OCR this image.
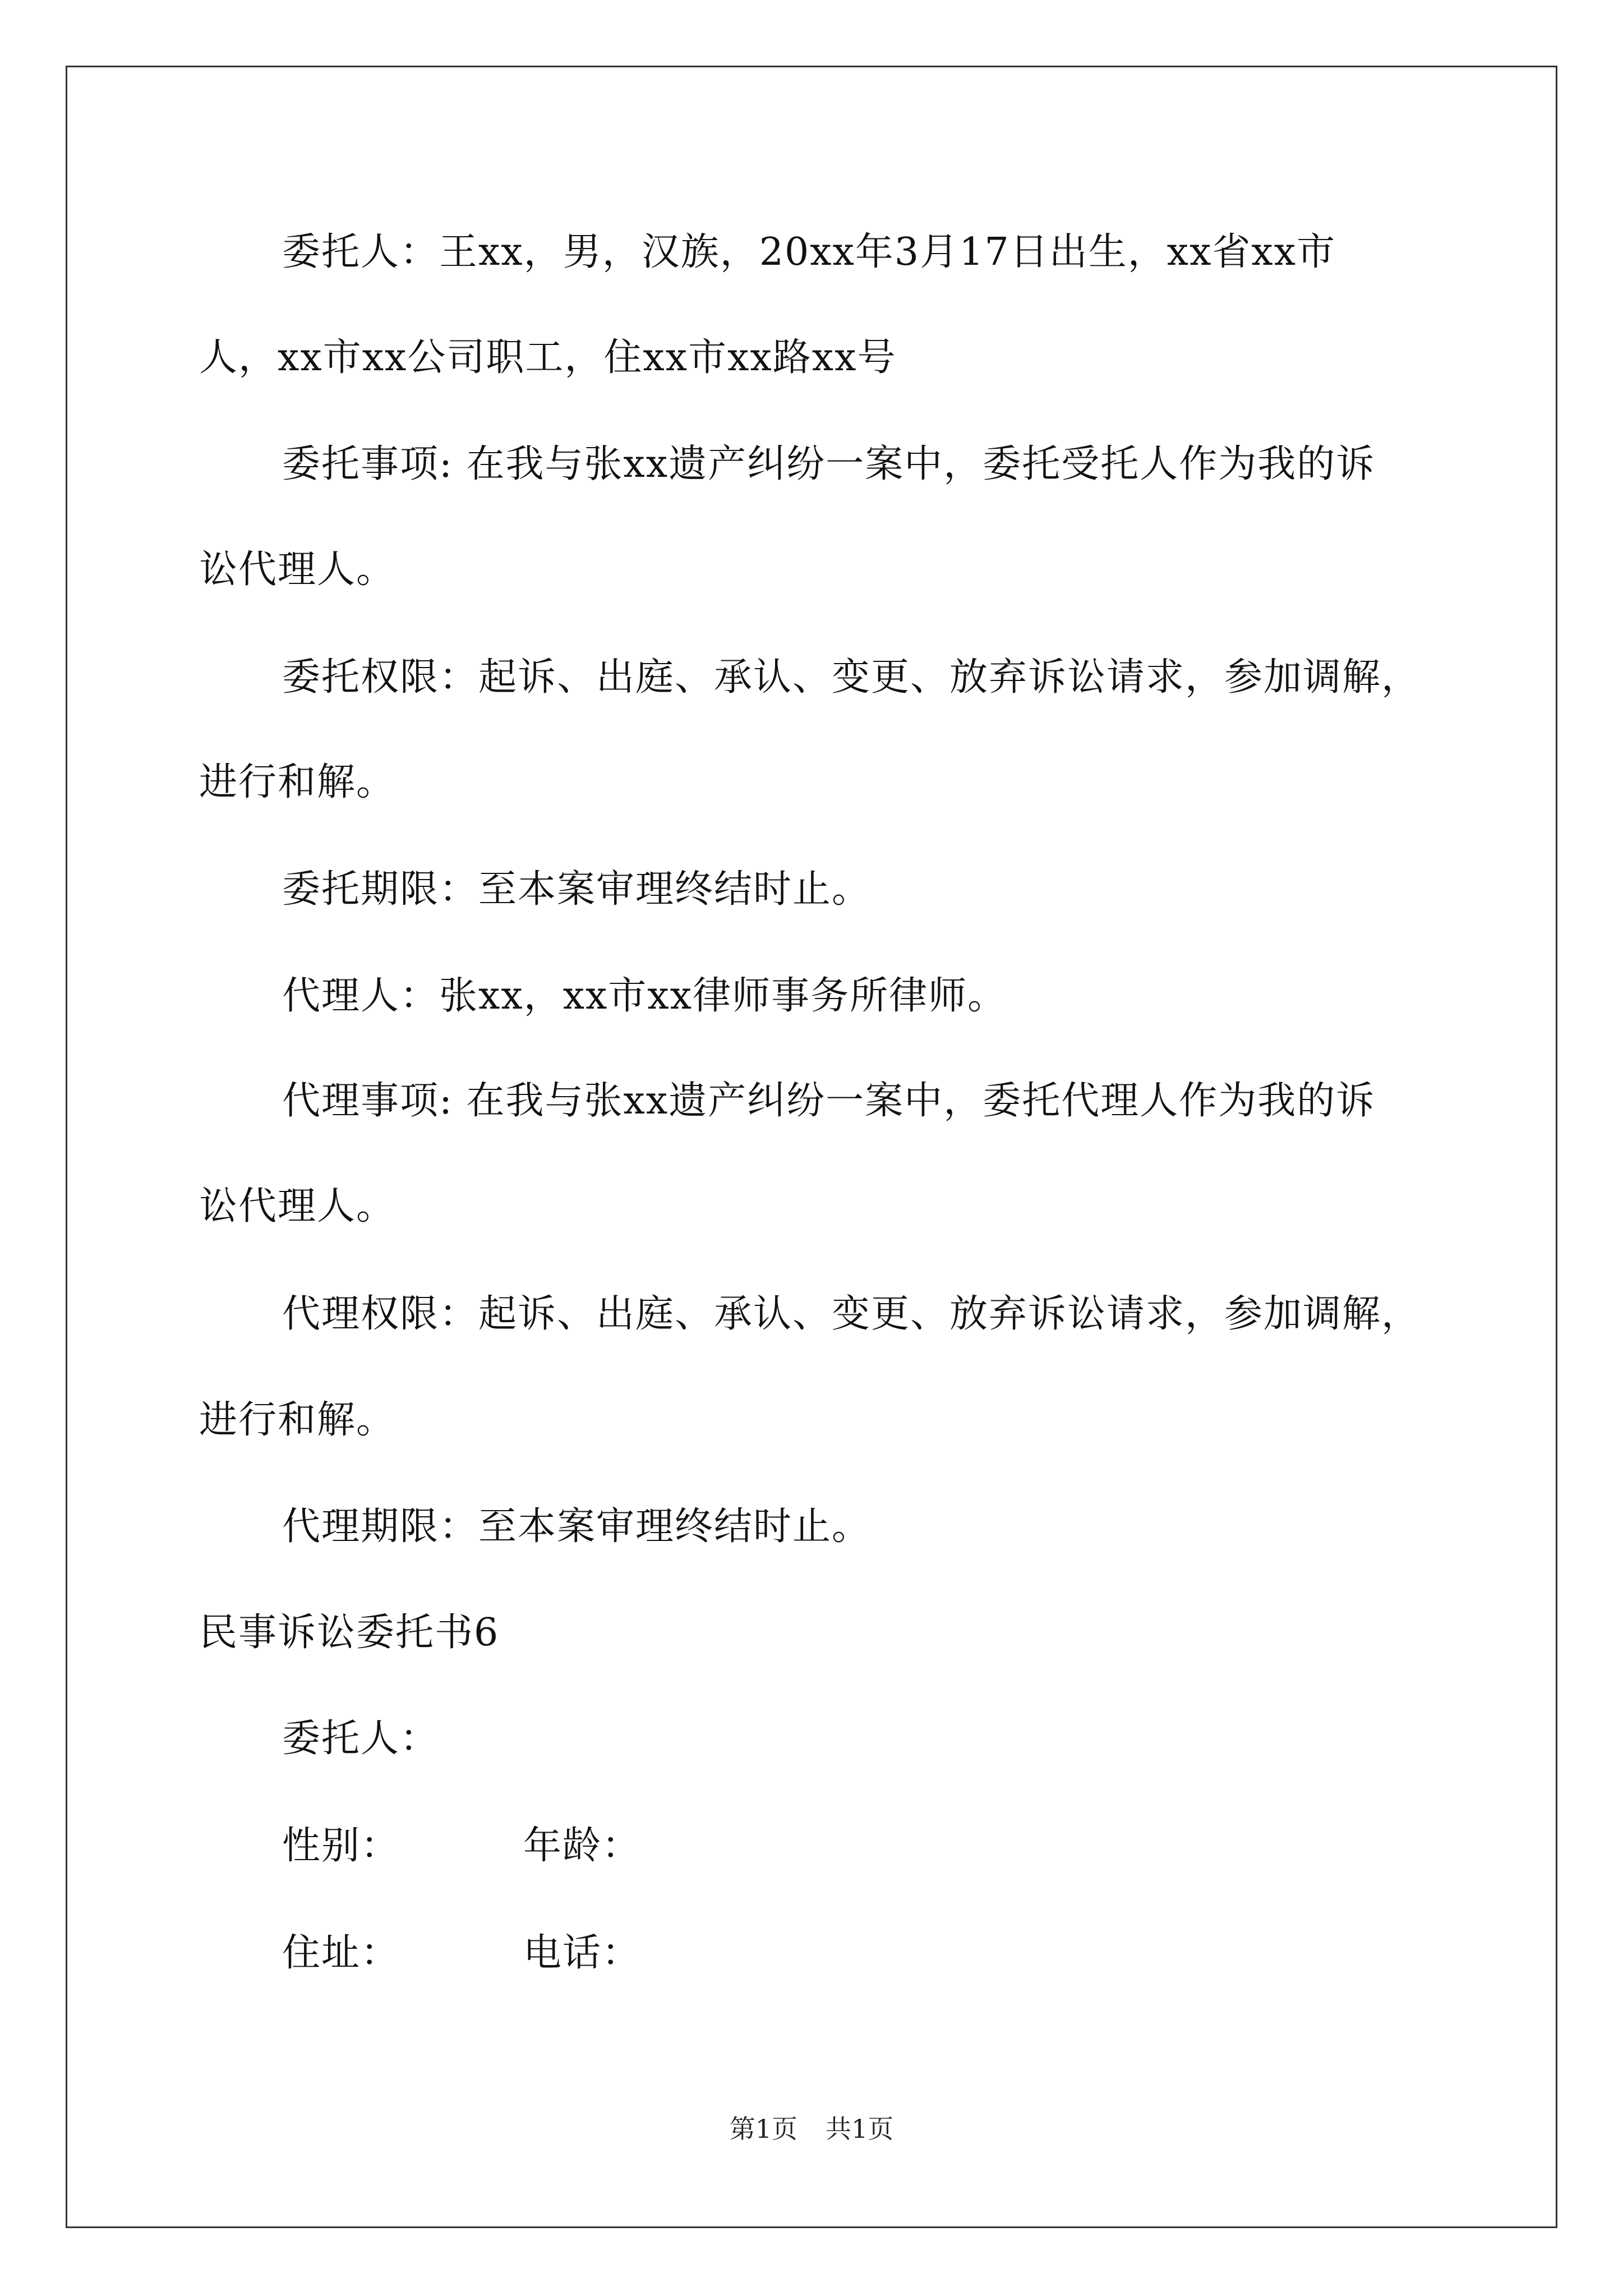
委托人：王xx，男，汉族，20xx年3月17日出生，xx省xx市
人，xx市xx公司职工，住xx市xx路xx号
委托事项: 在我与张xx遗产纠纷一案中，委托受托人作为我的诉
讼代理人。
委托权限：起诉、出庭、承认、变更、放弃诉讼请求，参加调解，
进行和解。
委托期限：至本案审理终结时止。
代理人：张xx，xx市xx律师事务所律师。
代理事项: 在我与张xx遗产纠纷一案中，委托代理人作为我的诉
讼代理人。
代理权限：起诉、出庭、承认、变更、放弃诉讼请求，参加调解，
进行和解。
代理期限：至本案审理终结时止。
民事诉讼委托书6
委托人：
性别：	年龄：
住址：	电话：
第1页 共1页
